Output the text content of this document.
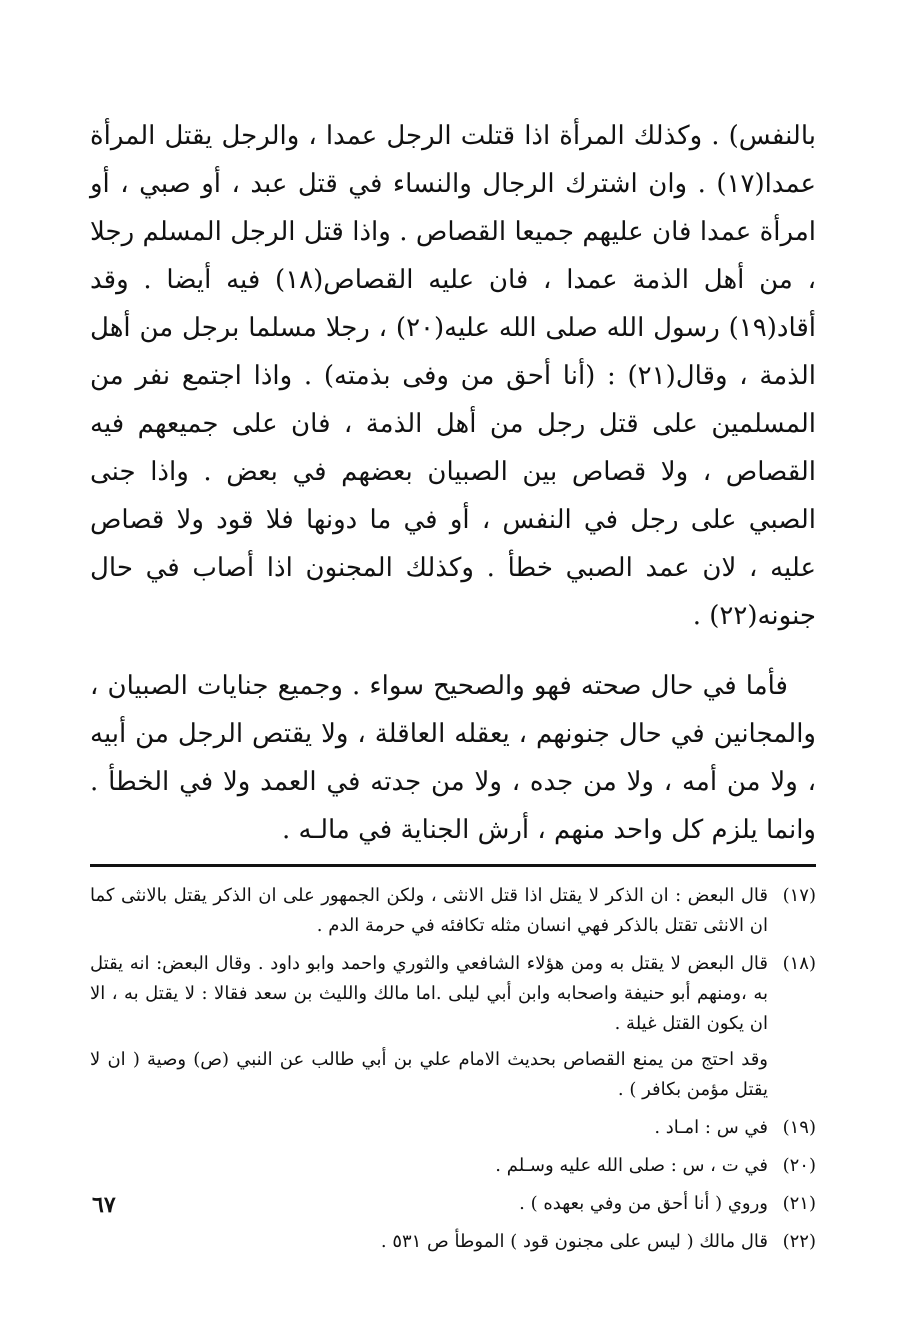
بالنفس) . وكذلك المرأة اذا قتلت الرجل عمدا ، والرجل يقتل المرأة عمدا(١٧) . وان اشترك الرجال والنساء في قتل عبد ، أو صبي ، أو امرأة عمدا فان عليهم جميعا القصاص . واذا قتل الرجل المسلم رجلا ، من أهل الذمة عمدا ، فان عليه القصاص(١٨) فيه أيضا . وقد أقاد(١٩) رسول الله صلى الله عليه(٢٠) ، رجلا مسلما برجل من أهل الذمة ، وقال(٢١) : (أنا أحق من وفى بذمته) . واذا اجتمع نفر من المسلمين على قتل رجل من أهل الذمة ، فان على جميعهم فيه القصاص ، ولا قصاص بين الصبيان بعضهم في بعض . واذا جنى الصبي على رجل في النفس ، أو في ما دونها فلا قود ولا قصاص عليه ، لان عمد الصبي خطأ . وكذلك المجنون اذا أصاب في حال جنونه(٢٢) .

فأما في حال صحته فهو والصحيح سواء . وجميع جنايات الصبيان ، والمجانين في حال جنونهم ، يعقله العاقلة ، ولا يقتص الرجل من أبيه ، ولا من أمه ، ولا من جده ، ولا من جدته في العمد ولا في الخطأ . وانما يلزم كل واحد منهم ، أرش الجناية في مالـه .

(١٧)
قال البعض : ان الذكر لا يقتل اذا قتل الانثى ، ولكن الجمهور على ان الذكر يقتل بالانثى كما ان الانثى تقتل بالذكر فهي انسان مثله تكافئه في حرمة الدم .
(١٨)
قال البعض لا يقتل به ومن هؤلاء الشافعي والثوري واحمد وابو داود . وقال البعض: انه يقتل به ،ومنهم أبو حنيفة واصحابه وابن أبي ليلى .اما مالك والليث بن سعد فقالا : لا يقتل به ، الا ان يكون القتل غيلة .
وقد احتج من يمنع القصاص بحديث الامام علي بن أبي طالب عن النبي (ص) وصية ( ان لا يقتل مؤمن بكافر ) .
(١٩)
في س : امـاد .
(٢٠)
في ت ، س : صلى الله عليه وسـلم .
(٢١)
وروي ( أنا أحق من وفي بعهده ) .
(٢٢)
قال مالك ( ليس على مجنون قود ) الموطأ ص ٥٣١ .
٦٧
